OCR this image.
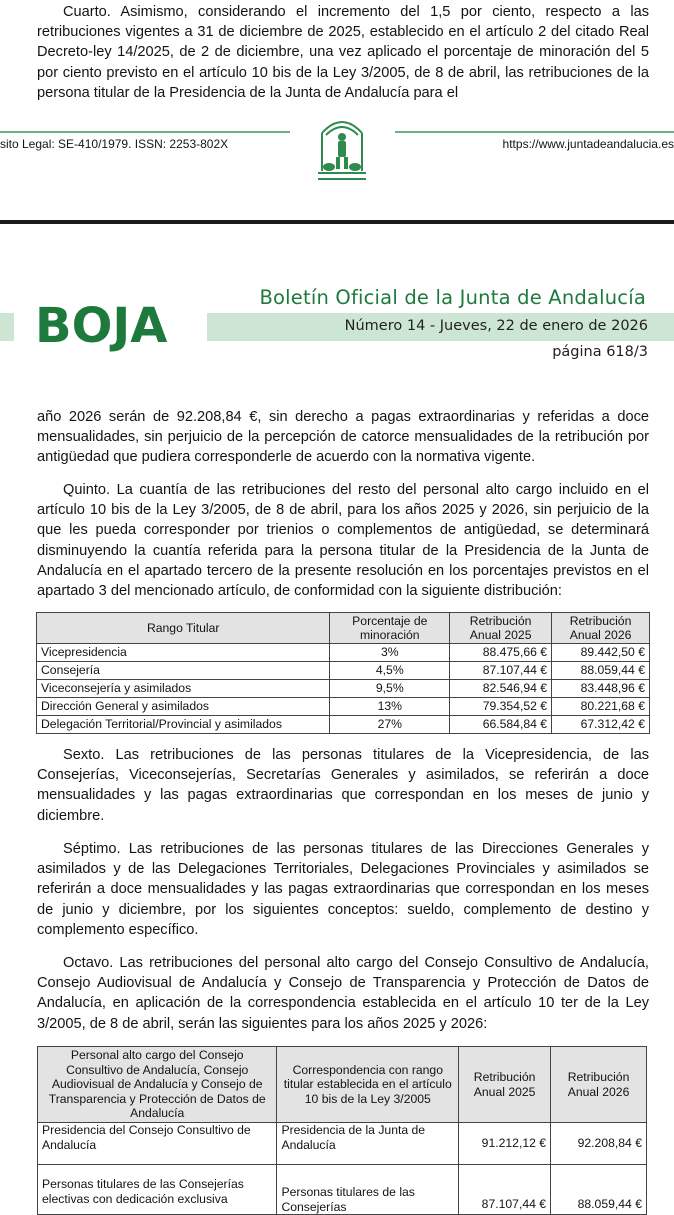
Cuarto. Asimismo, considerando el incremento del 1,5 por ciento, respecto a las retribuciones vigentes a 31 de diciembre de 2025, establecido en el artículo 2 del citado Real Decreto-ley 14/2025, de 2 de diciembre, una vez aplicado el porcentaje de minoración del 5 por ciento previsto en el artículo 10 bis de la Ley 3/2005, de 8 de abril, las retribuciones de la persona titular de la Presidencia de la Junta de Andalucía para el

sito Legal: SE-410/1979. ISSN: 2253-802X	https://www.juntadeandalucia.es
Boletín Oficial de la Junta de Andalucía
BOJA	Número 14 - Jueves, 22 de enero de 2026
página 618/3

año 2026 serán de 92.208,84 €, sin derecho a pagas extraordinarias y referidas a doce mensualidades, sin perjuicio de la percepción de catorce mensualidades de la retribución por antigüedad que pudiera corresponderle de acuerdo con la normativa vigente.

Quinto. La cuantía de las retribuciones del resto del personal alto cargo incluido en el artículo 10 bis de la Ley 3/2005, de 8 de abril, para los años 2025 y 2026, sin perjuicio de la que les pueda corresponder por trienios o complementos de antigüedad, se determinará disminuyendo la cuantía referida para la persona titular de la Presidencia de la Junta de Andalucía en el apartado tercero de la presente resolución en los porcentajes previstos en el apartado 3 del mencionado artículo, de conformidad con la siguiente distribución:

Rango Titular	Porcentaje de minoración	Retribución Anual 2025	Retribución Anual 2026
Vicepresidencia	3%	88.475,66 €	89.442,50 €
Consejería	4,5%	87.107,44 €	88.059,44 €
Viceconsejería y asimilados	9,5%	82.546,94 €	83.448,96 €
Dirección General y asimilados	13%	79.354,52 €	80.221,68 €
Delegación Territorial/Provincial y asimilados	27%	66.584,84 €	67.312,42 €

Sexto. Las retribuciones de las personas titulares de la Vicepresidencia, de las Consejerías, Viceconsejerías, Secretarías Generales y asimilados, se referirán a doce mensualidades y las pagas extraordinarias que correspondan en los meses de junio y diciembre.

Séptimo. Las retribuciones de las personas titulares de las Direcciones Generales y asimilados y de las Delegaciones Territoriales, Delegaciones Provinciales y asimilados se referirán a doce mensualidades y las pagas extraordinarias que correspondan en los meses de junio y diciembre, por los siguientes conceptos: sueldo, complemento de destino y complemento específico.

Octavo. Las retribuciones del personal alto cargo del Consejo Consultivo de Andalucía, Consejo Audiovisual de Andalucía y Consejo de Transparencia y Protección de Datos de Andalucía, en aplicación de la correspondencia establecida en el artículo 10 ter de la Ley 3/2005, de 8 de abril, serán las siguientes para los años 2025 y 2026:

Personal alto cargo del Consejo Consultivo de Andalucía, Consejo Audiovisual de Andalucía y Consejo de Transparencia y Protección de Datos de Andalucía	Correspondencia con rango titular establecida en el artículo 10 bis de la Ley 3/2005	Retribución Anual 2025	Retribución Anual 2026
Presidencia del Consejo Consultivo de Andalucía	Presidencia de la Junta de Andalucía	91.212,12 €	92.208,84 €
Personas titulares de las Consejerías electivas con dedicación exclusiva	Personas titulares de las Consejerías	87.107,44 €	88.059,44 €
